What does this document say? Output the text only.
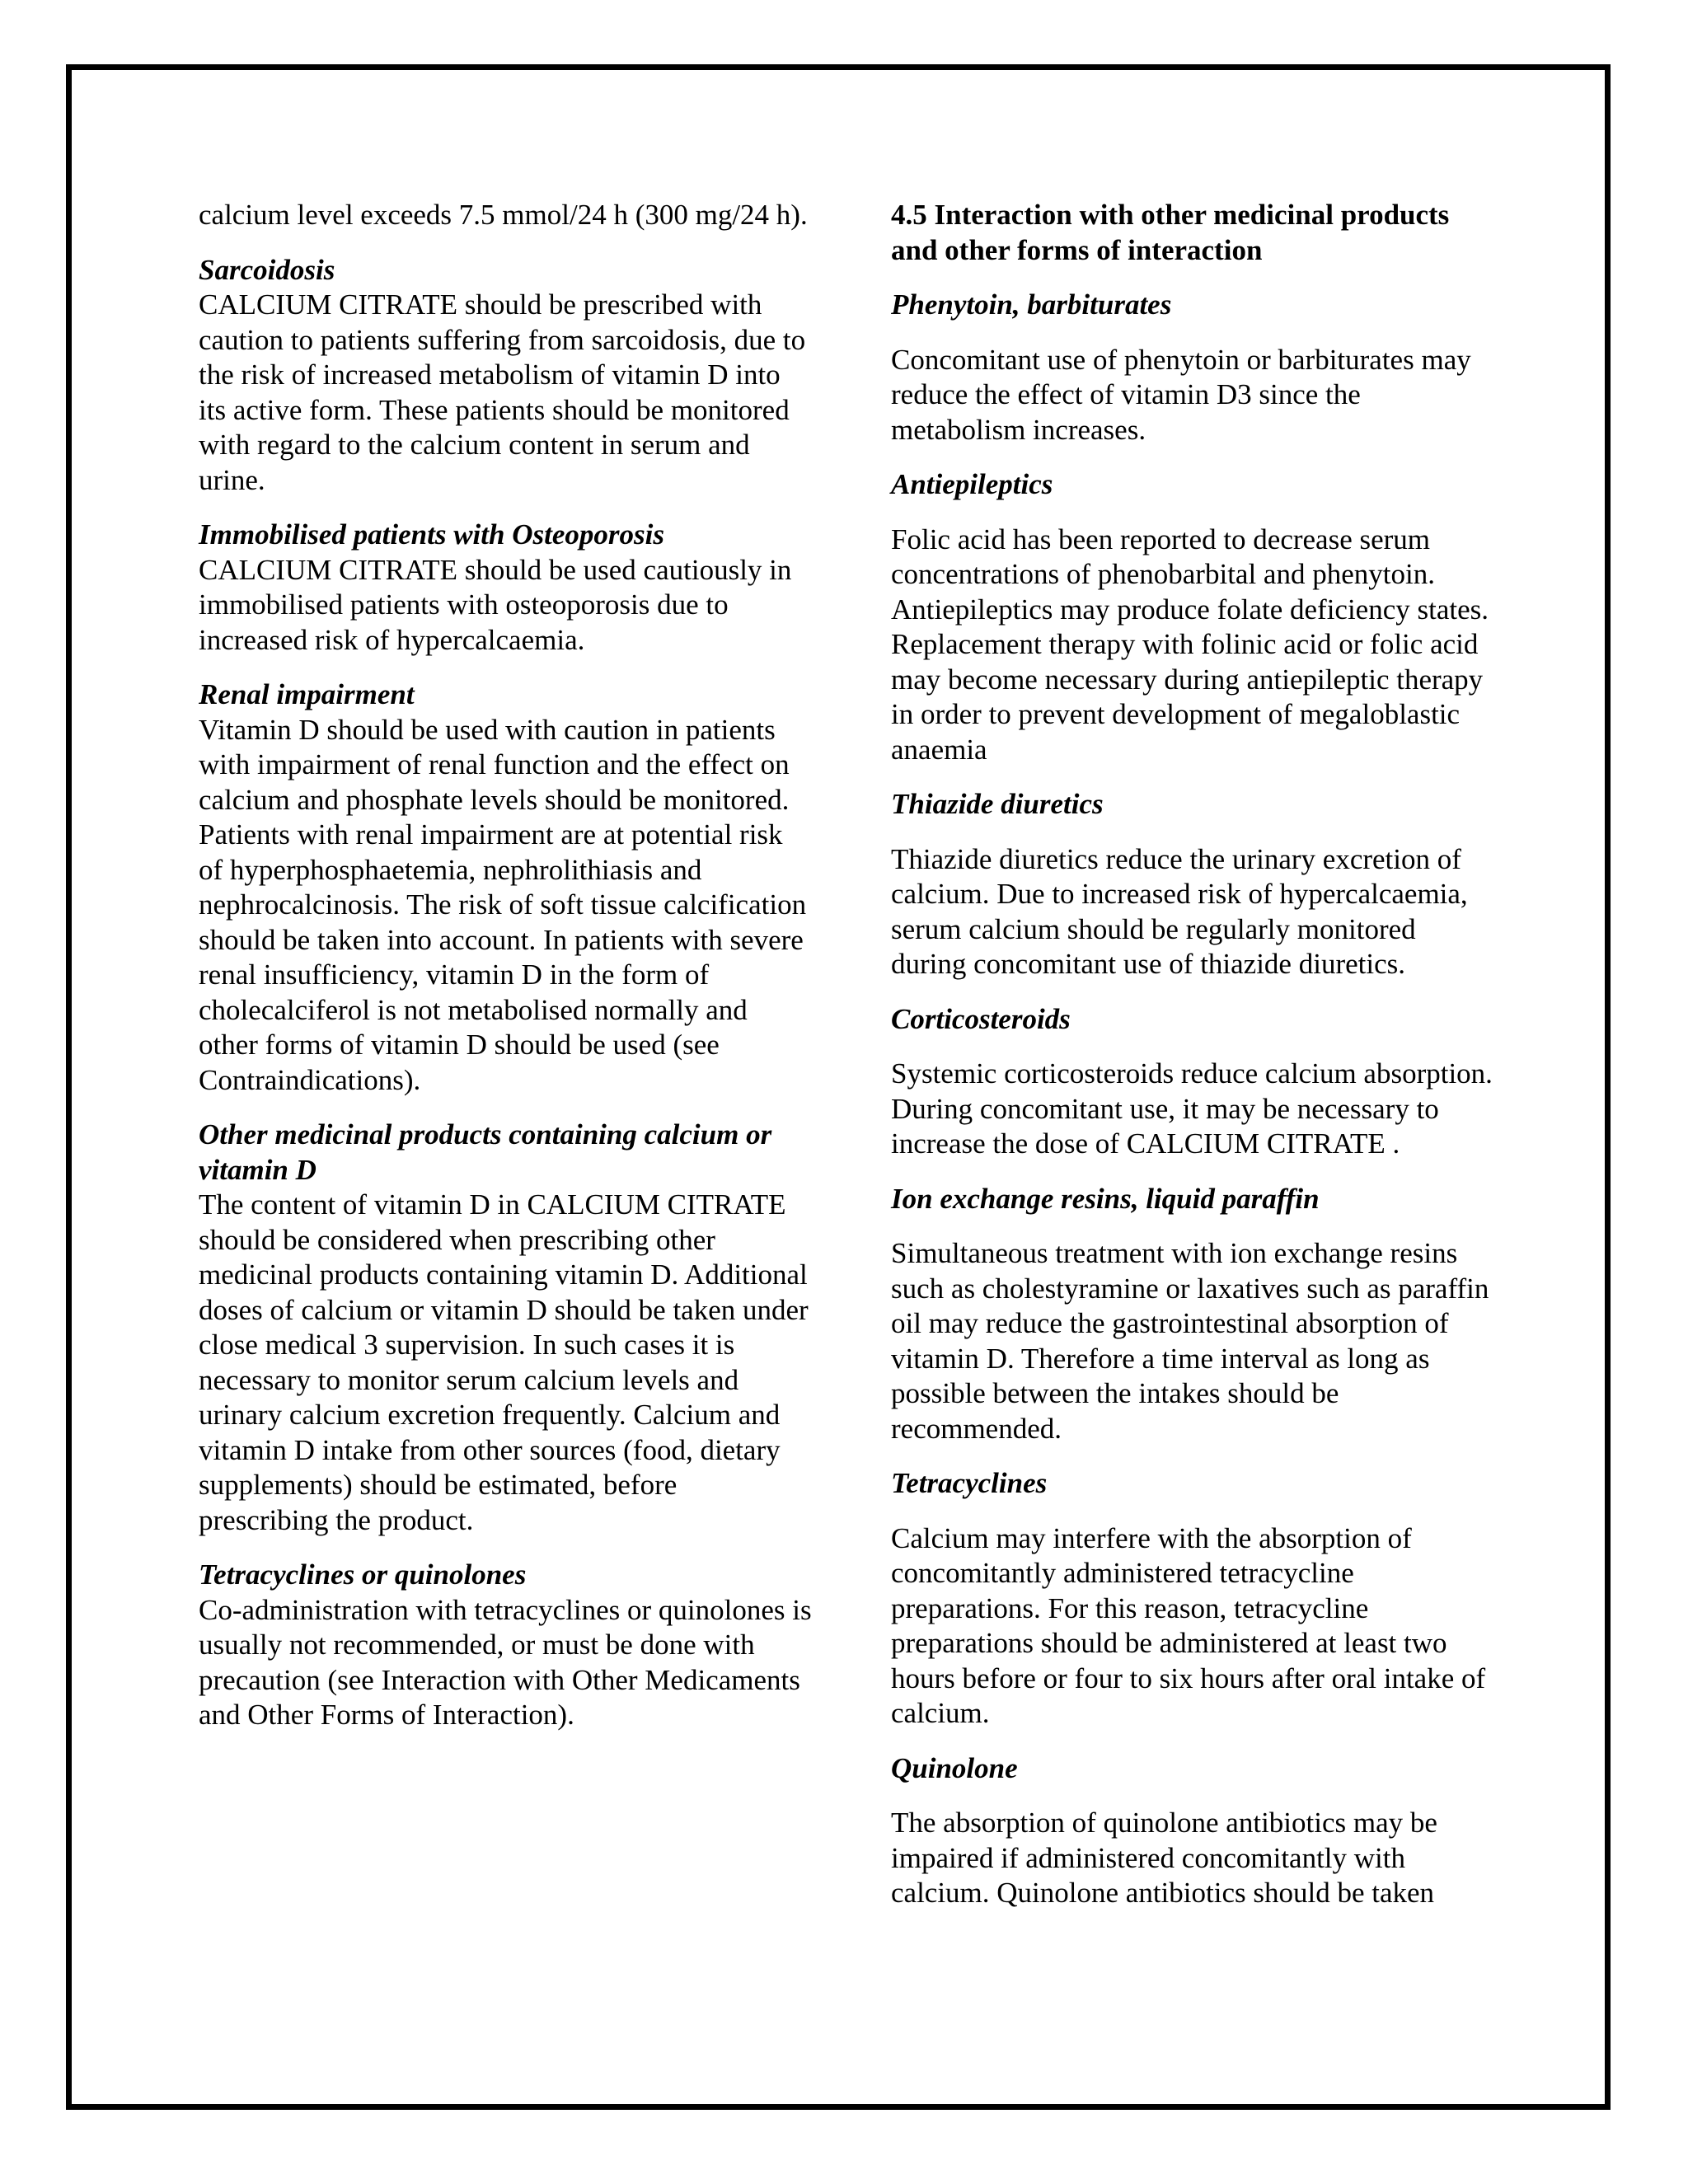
calcium level exceeds 7.5 mmol/24 h (300 mg/24 h).

Sarcoidosis
CALCIUM CITRATE should be prescribed with caution to patients suffering from sarcoidosis, due to the risk of increased metabolism of vitamin D into its active form. These patients should be monitored with regard to the calcium content in serum and urine.
Immobilised patients with Osteoporosis
CALCIUM CITRATE should be used cautiously in immobilised patients with osteoporosis due to increased risk of hypercalcaemia.
Renal impairment
Vitamin D should be used with caution in patients with impairment of renal function and the effect on calcium and phosphate levels should be monitored. Patients with renal impairment are at potential risk of hyperphosphaetemia, nephrolithiasis and nephrocalcinosis. The risk of soft tissue calcification should be taken into account. In patients with severe renal insufficiency, vitamin D in the form of cholecalciferol is not metabolised normally and other forms of vitamin D should be used (see Contraindications).
Other medicinal products containing calcium or vitamin D
The content of vitamin D in CALCIUM CITRATE should be considered when prescribing other medicinal products containing vitamin D. Additional doses of calcium or vitamin D should be taken under close medical 3 supervision. In such cases it is necessary to monitor serum calcium levels and urinary calcium excretion frequently. Calcium and vitamin D intake from other sources (food, dietary supplements) should be estimated, before prescribing the product.
Tetracyclines or quinolones
Co-administration with tetracyclines or quinolones is usually not recommended, or must be done with precaution (see Interaction with Other Medicaments and Other Forms of Interaction).

4.5 Interaction with other medicinal products and other forms of interaction

Phenytoin, barbiturates

Concomitant use of phenytoin or barbiturates may reduce the effect of vitamin D3 since the metabolism increases.

Antiepileptics

Folic acid has been reported to decrease serum concentrations of phenobarbital and phenytoin. Antiepileptics may produce folate deficiency states. Replacement therapy with folinic acid or folic acid may become necessary during antiepileptic therapy in order to prevent development of megaloblastic anaemia

Thiazide diuretics

Thiazide diuretics reduce the urinary excretion of calcium. Due to increased risk of hypercalcaemia, serum calcium should be regularly monitored during concomitant use of thiazide diuretics.

Corticosteroids

Systemic corticosteroids reduce calcium absorption. During concomitant use, it may be necessary to increase the dose of CALCIUM CITRATE .

Ion exchange resins, liquid paraffin

Simultaneous treatment with ion exchange resins such as cholestyramine or laxatives such as paraffin oil may reduce the gastrointestinal absorption of vitamin D. Therefore a time interval as long as possible between the intakes should be recommended.

Tetracyclines

Calcium may interfere with the absorption of concomitantly administered tetracycline preparations. For this reason, tetracycline preparations should be administered at least two hours before or four to six hours after oral intake of calcium.

Quinolone

The absorption of quinolone antibiotics may be impaired if administered concomitantly with calcium. Quinolone antibiotics should be taken
